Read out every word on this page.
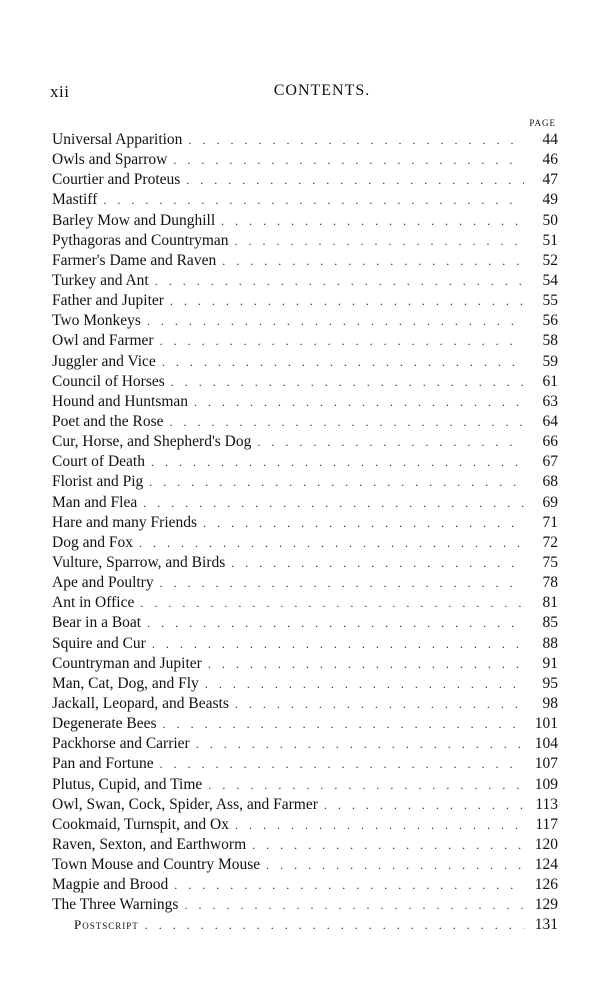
xii	CONTENTS.
PAGE
Universal Apparition . . .	44
Owls and Sparrow . . .	46
Courtier and Proteus . . .	47
Mastiff . . .	49
Barley Mow and Dunghill . . .	50
Pythagoras and Countryman . . .	51
Farmer's Dame and Raven . . .	52
Turkey and Ant . . .	54
Father and Jupiter . . .	55
Two Monkeys . . .	56
Owl and Farmer . . .	58
Juggler and Vice . . .	59
Council of Horses . . .	61
Hound and Huntsman . . .	63
Poet and the Rose . . .	64
Cur, Horse, and Shepherd's Dog . . .	66
Court of Death . . .	67
Florist and Pig . . .	68
Man and Flea . . .	69
Hare and many Friends . . .	71
Dog and Fox . . .	72
Vulture, Sparrow, and Birds . . .	75
Ape and Poultry . . .	78
Ant in Office . . .	81
Bear in a Boat . . .	85
Squire and Cur . . .	88
Countryman and Jupiter . . .	91
Man, Cat, Dog, and Fly . . .	95
Jackall, Leopard, and Beasts . . .	98
Degenerate Bees . . .	101
Packhorse and Carrier . . .	104
Pan and Fortune . . .	107
Plutus, Cupid, and Time . . .	109
Owl, Swan, Cock, Spider, Ass, and Farmer . . .	113
Cookmaid, Turnspit, and Ox . . .	117
Raven, Sexton, and Earthworm . . .	120
Town Mouse and Country Mouse . . .	124
Magpie and Brood . . .	126
The Three Warnings . . .	129
Postscript . . .	131
